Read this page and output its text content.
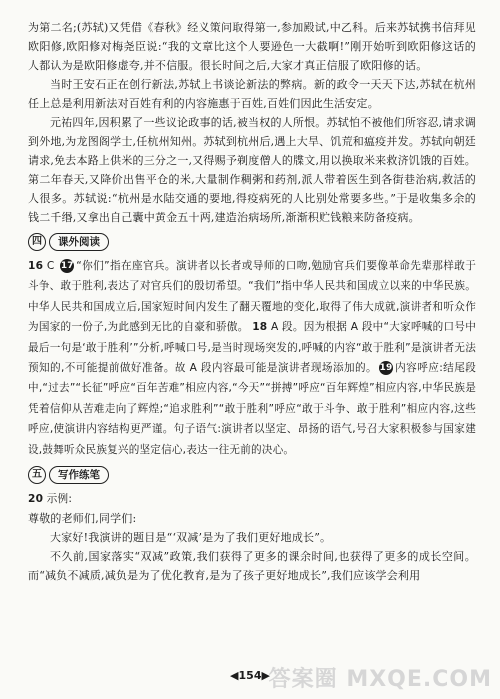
为第二名;(苏轼)又凭借《春秋》经义策问取得第一,参加殿试,中乙科。后来苏轼携书信拜见欧阳修,欧阳修对梅尧臣说:“我的文章比这个人要逊色一大截啊!”刚开始听到欧阳修这话的人都认为是欧阳修虚夸,并不信服。很长时间之后,大家才真正信服了欧阳修的话。

当时王安石正在创行新法,苏轼上书谈论新法的弊病。新的政令一天天下达,苏轼在杭州任上总是利用新法对百姓有利的内容施惠于百姓,百姓们因此生活安定。

元祐四年,因积累了一些议论政事的话,被当权的人所恨。苏轼怕不被他们所容忍,请求调到外地,为龙图阁学士,任杭州知州。苏轼到杭州后,遇上大旱、饥荒和瘟疫并发。苏轼向朝廷请求,免去本路上供米的三分之一,又得赐予剃度僧人的牒文,用以换取米来救济饥饿的百姓。第二年春天,又降价出售平仓的米,大量制作稠粥和药剂,派人带着医生到各街巷治病,救活的人很多。苏轼说:“杭州是水陆交通的要地,得疫病死的人比别处常要多些。”于是收集多余的钱二千缗,又拿出自己囊中黄金五十两,建造治病场所,渐渐积贮钱粮来防备疫病。

四	课外阅读

16 C 17 “你们”指在座官兵。演讲者以长者或导师的口吻,勉励官兵们要像革命先辈那样敢于斗争、敢于胜利,表达了对官兵们的殷切希望。“我们”指中华人民共和国成立以来的中华民族。中华人民共和国成立后,国家短时间内发生了翻天覆地的变化,取得了伟大成就,演讲者和听众作为国家的一份子,为此感到无比的自豪和骄傲。 18 A 段。因为根据 A 段中“大家呼喊的口号中最后一句是‘敢于胜利’”分析,呼喊口号,是当时现场突发的,呼喊的内容“敢于胜利”是演讲者无法预知的,不可能提前做好准备。故 A 段内容最可能是演讲者现场添加的。 19 内容呼应:结尾段中,“过去”“长征”呼应“百年苦难”相应内容,“今天”“拼搏”呼应“百年辉煌”相应内容,中华民族是凭着信仰从苦难走向了辉煌;“追求胜利”“敢于胜利”呼应“敢于斗争、敢于胜利”相应内容,这些呼应,使演讲内容结构更严谨。句子语气:演讲者以坚定、昂扬的语气,号召大家积极参与国家建设,鼓舞听众民族复兴的坚定信心,表达一往无前的决心。

五	写作练笔

20 示例:

尊敬的老师们,同学们:

大家好!我演讲的题目是“‘双减’是为了我们更好地成长”。

不久前,国家落实“双减”政策,我们获得了更多的课余时间,也获得了更多的成长空间。而“减负不减质,减负是为了优化教育,是为了孩子更好地成长”,我们应该学会利用

◀154▶
答案圈 MXQE.COM
